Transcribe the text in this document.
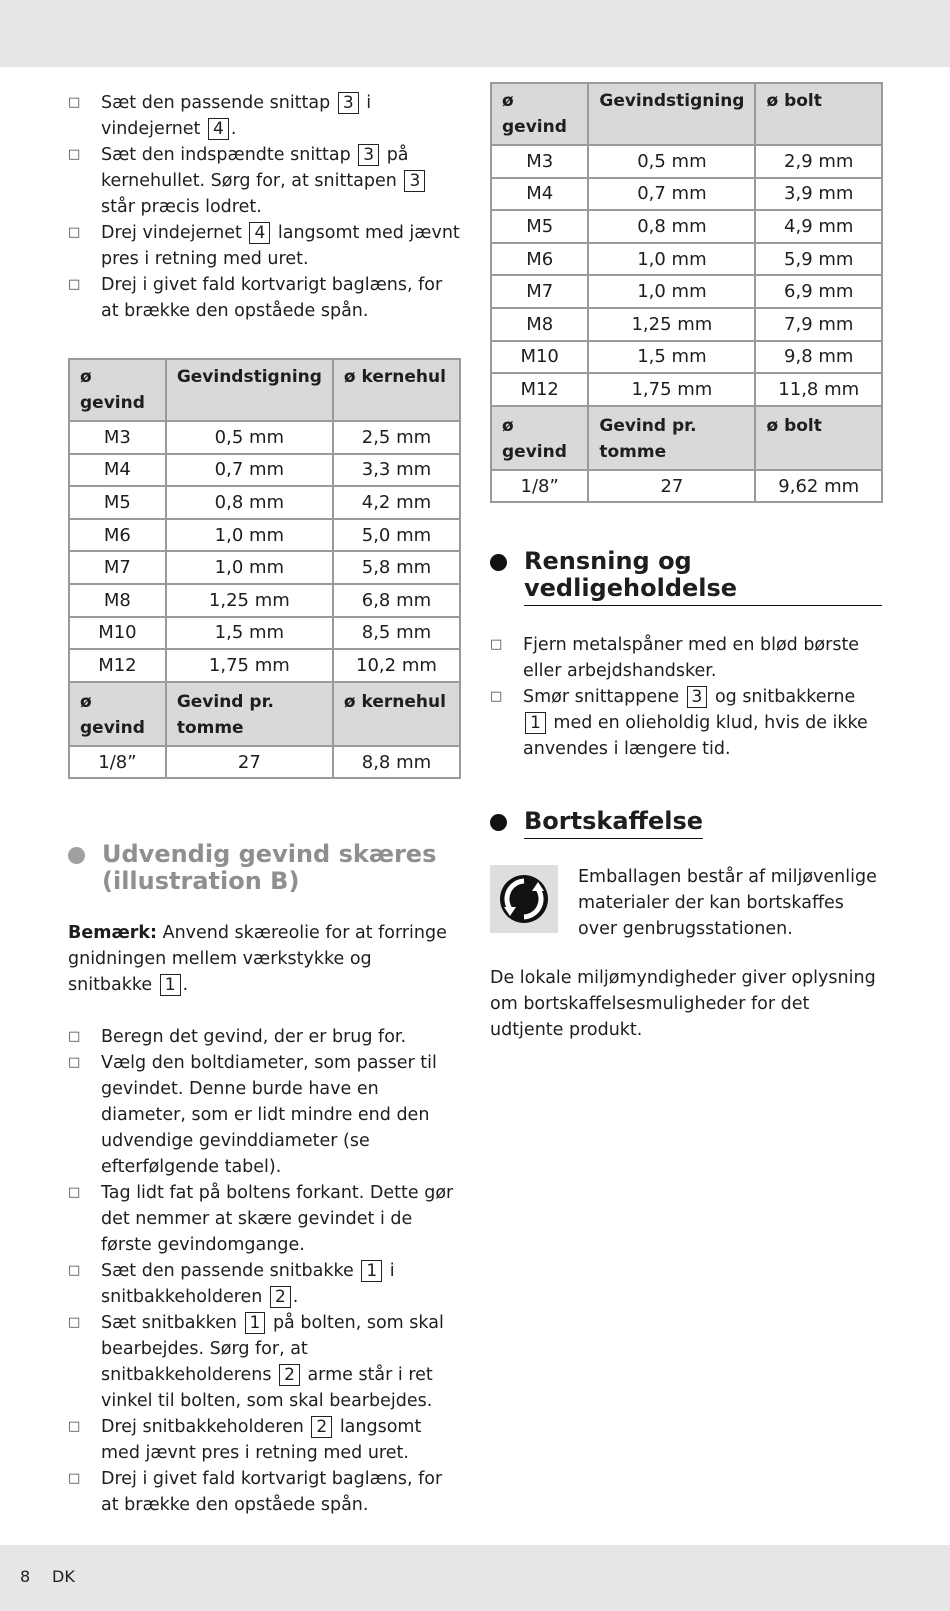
□ Sæt den passende snittap 3 i vindejernet 4 .
□ Sæt den indspændte snittap 3 på kernehullet. Sørg for, at snittapen 3 står præcis lodret.
□ Drej vindejernet 4 langsomt med jævnt pres i retning med uret.
□ Drej i givet fald kortvarigt baglæns, for at brække den opståede spån.
ø gevind	Gevindstigning	ø kernehul
M3	0,5 mm	2,5 mm
M4	0,7 mm	3,3 mm
M5	0,8 mm	4,2 mm
M6	1,0 mm	5,0 mm
M7	1,0 mm	5,8 mm
M8	1,25 mm	6,8 mm
M10	1,5 mm	8,5 mm
M12	1,75 mm	10,2 mm
ø gevind	Gevind pr. tomme	ø kernehul
1/8”	27	8,8 mm
Udvendig gevind skæres (illustration B)

Bemærk: Anvend skæreolie for at forringe gnidningen mellem værkstykke og snitbakke 1 .

□ Beregn det gevind, der er brug for.
□ Vælg den boltdiameter, som passer til gevindet. Denne burde have en diameter, som er lidt mindre end den udvendige gevinddiameter (se efterfølgende tabel).
□ Tag lidt fat på boltens forkant. Dette gør det nemmer at skære gevindet i de første gevindomgange.
□ Sæt den passende snitbakke 1 i snitbakkeholderen 2 .
□ Sæt snitbakken 1 på bolten, som skal bearbejdes. Sørg for, at snitbakkeholderens 2 arme står i ret vinkel til bolten, som skal bearbejdes.
□ Drej snitbakkeholderen 2 langsomt med jævnt pres i retning med uret.
□ Drej i givet fald kortvarigt baglæns, for at brække den opståede spån.
ø gevind	Gevindstigning	ø bolt
M3	0,5 mm	2,9 mm
M4	0,7 mm	3,9 mm
M5	0,8 mm	4,9 mm
M6	1,0 mm	5,9 mm
M7	1,0 mm	6,9 mm
M8	1,25 mm	7,9 mm
M10	1,5 mm	9,8 mm
M12	1,75 mm	11,8 mm
ø gevind	Gevind pr. tomme	ø bolt
1/8”	27	9,62 mm
Rensning og vedligeholdelse
□ Fjern metalspåner med en blød børste eller arbejdshandsker.
□ Smør snittappene 3 og snitbakkerne 1 med en olieholdig klud, hvis de ikke anvendes i længere tid.
Bortskaffelse

Emballagen består af miljøvenlige materialer der kan bortskaffes over genbrugsstationen.

De lokale miljømyndigheder giver oplysning om bortskaffelsesmuligheder for det udtjente produkt.

8 DK
